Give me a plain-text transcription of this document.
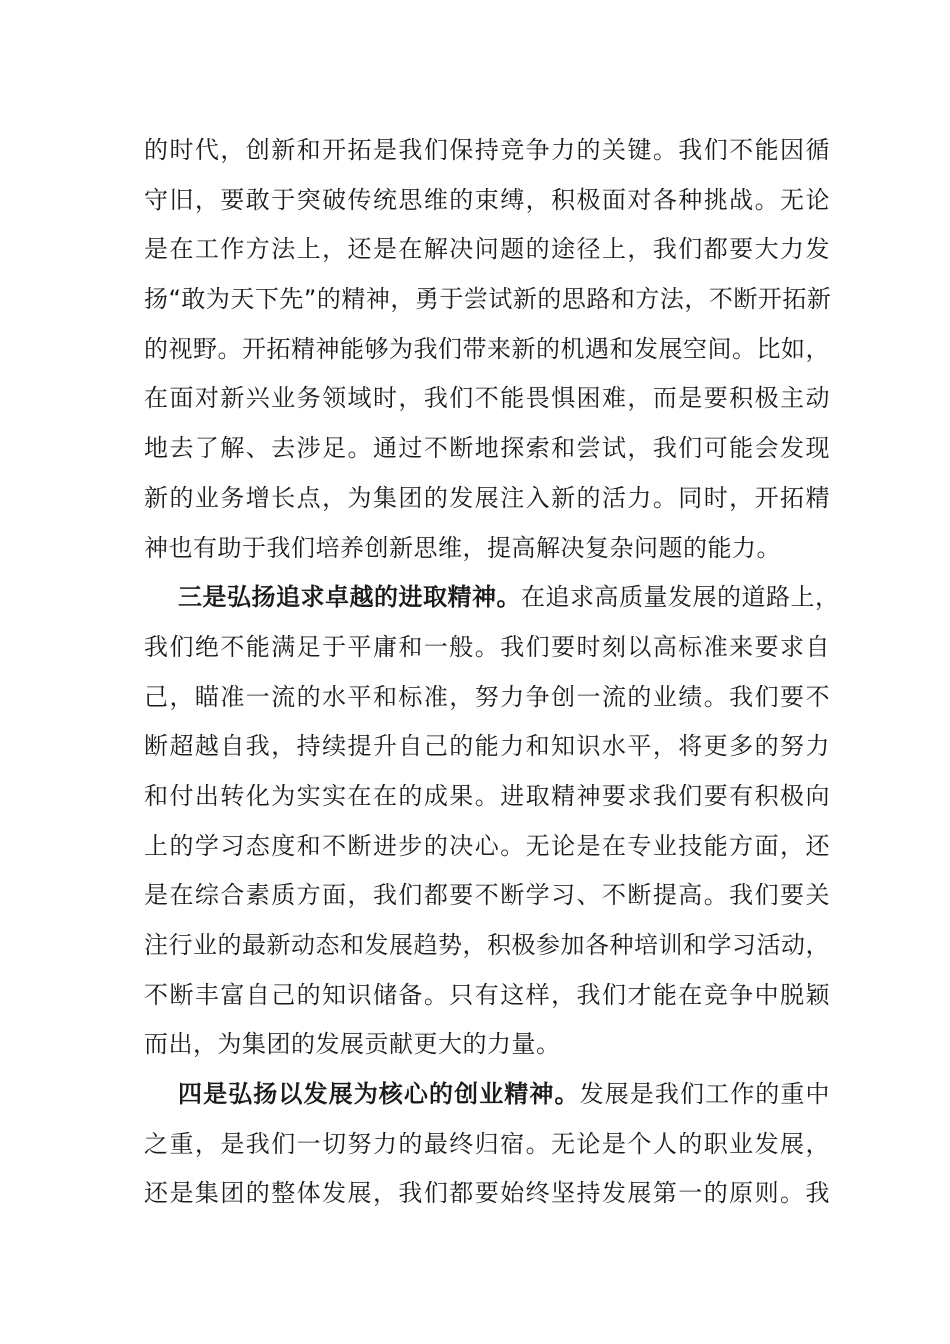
的时代，创新和开拓是我们保持竞争力的关键。我们不能因循
守旧，要敢于突破传统思维的束缚，积极面对各种挑战。无论
是在工作方法上，还是在解决问题的途径上，我们都要大力发
扬“敢为天下先”的精神，勇于尝试新的思路和方法，不断开拓新
的视野。开拓精神能够为我们带来新的机遇和发展空间。比如，
在面对新兴业务领域时，我们不能畏惧困难，而是要积极主动
地去了解、去涉足。通过不断地探索和尝试，我们可能会发现
新的业务增长点，为集团的发展注入新的活力。同时，开拓精
神也有助于我们培养创新思维，提高解决复杂问题的能力。
三是弘扬追求卓越的进取精神。在追求高质量发展的道路上，
我们绝不能满足于平庸和一般。我们要时刻以高标准来要求自
己，瞄准一流的水平和标准，努力争创一流的业绩。我们要不
断超越自我，持续提升自己的能力和知识水平，将更多的努力
和付出转化为实实在在的成果。进取精神要求我们要有积极向
上的学习态度和不断进步的决心。无论是在专业技能方面，还
是在综合素质方面，我们都要不断学习、不断提高。我们要关
注行业的最新动态和发展趋势，积极参加各种培训和学习活动，
不断丰富自己的知识储备。只有这样，我们才能在竞争中脱颖
而出，为集团的发展贡献更大的力量。
四是弘扬以发展为核心的创业精神。发展是我们工作的重中
之重，是我们一切努力的最终归宿。无论是个人的职业发展，
还是集团的整体发展，我们都要始终坚持发展第一的原则。我
